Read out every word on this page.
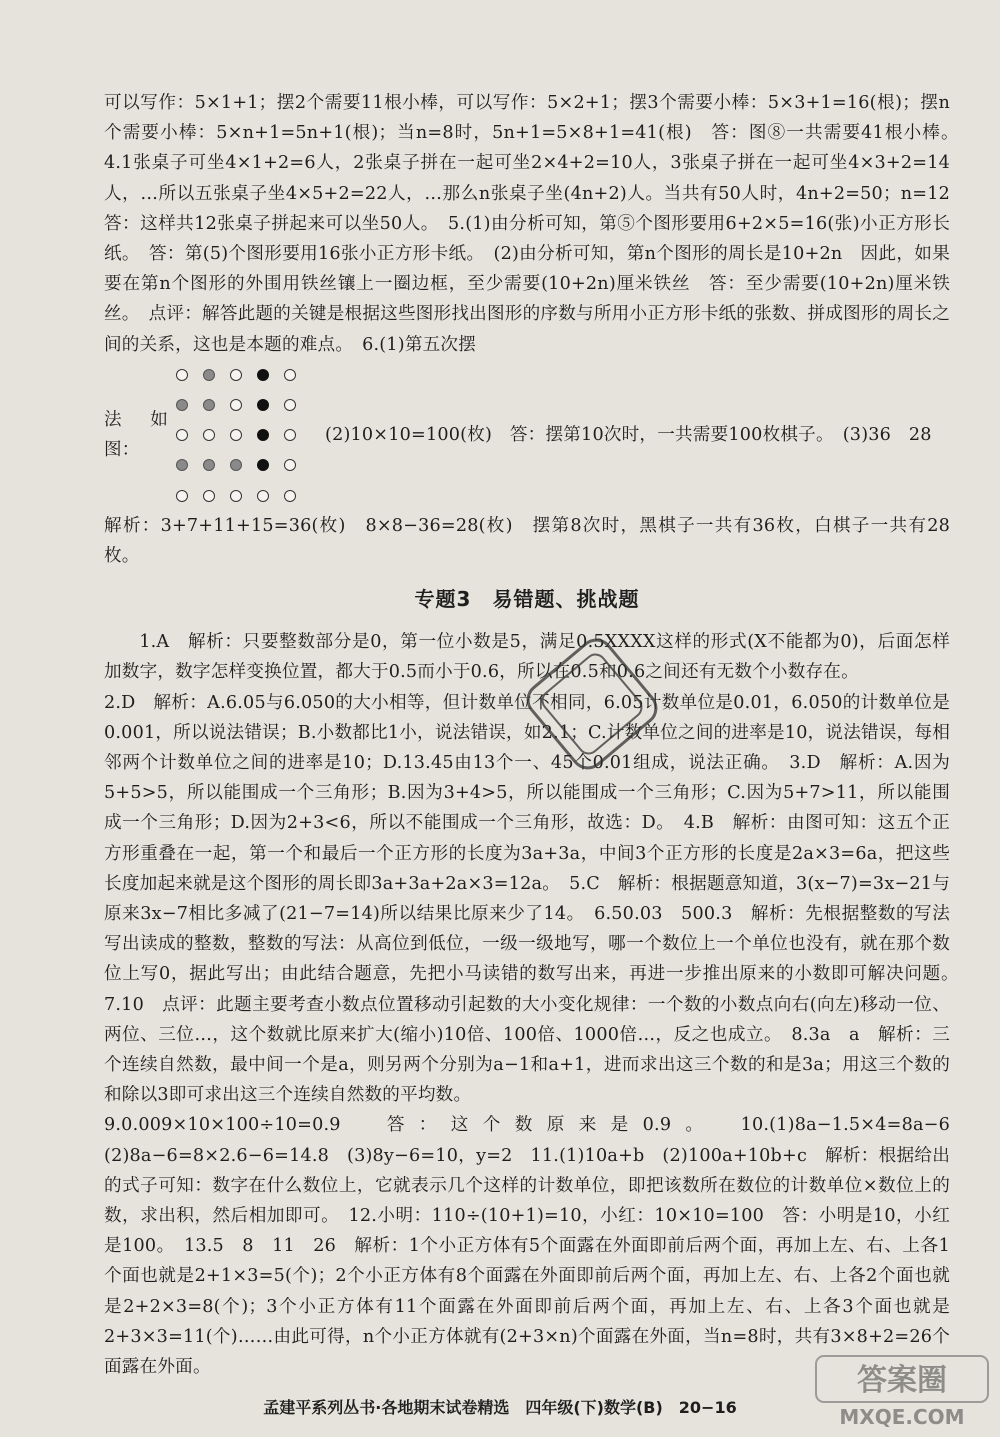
可以写作：5×1+1；摆2个需要11根小棒，可以写作：5×2+1；摆3个需要小棒：5×3+1=16(根)；摆n个需要小棒：5×n+1=5n+1(根)；当n=8时，5n+1=5×8+1=41(根)　答：图⑧一共需要41根小棒。　4.1张桌子可坐4×1+2=6人，2张桌子拼在一起可坐2×4+2=10人，3张桌子拼在一起可坐4×3+2=14人，…所以五张桌子坐4×5+2=22人，…那么n张桌子坐(4n+2)人。当共有50人时，4n+2=50；n=12　答：这样共12张桌子拼起来可以坐50人。　5.(1)由分析可知，第⑤个图形要用6+2×5=16(张)小正方形长纸。　答：第(5)个图形要用16张小正方形卡纸。　(2)由分析可知，第n个图形的周长是10+2n　因此，如果要在第n个图形的外围用铁丝镶上一圈边框，至少需要(10+2n)厘米铁丝　答：至少需要(10+2n)厘米铁丝。　点评：解答此题的关键是根据这些图形找出图形的序数与所用小正方形卡纸的张数、拼成图形的周长之间的关系，这也是本题的难点。　6.(1)第五次摆

法如图：
(2)10×10=100(枚)　答：摆第10次时，一共需要100枚棋子。　(3)36　28

解析：3+7+11+15=36(枚)　8×8−36=28(枚)　摆第8次时，黑棋子一共有36枚，白棋子一共有28枚。

专题3　易错题、挑战题

1.A　解析：只要整数部分是0，第一位小数是5，满足0.5XXXX这样的形式(X不能都为0)，后面怎样加数字，数字怎样变换位置，都大于0.5而小于0.6，所以在0.5和0.6之间还有无数个小数存在。

2.D　解析：A.6.05与6.050的大小相等，但计数单位不相同，6.05计数单位是0.01，6.050的计数单位是0.001，所以说法错误；B.小数都比1小，说法错误，如2.1；C.计数单位之间的进率是10，说法错误，每相邻两个计数单位之间的进率是10；D.13.45由13个一、45个0.01组成，说法正确。　3.D　解析：A.因为5+5>5，所以能围成一个三角形；B.因为3+4>5，所以能围成一个三角形；C.因为5+7>11，所以能围成一个三角形；D.因为2+3<6，所以不能围成一个三角形，故选：D。　4.B　解析：由图可知：这五个正方形重叠在一起，第一个和最后一个正方形的长度为3a+3a，中间3个正方形的长度是2a×3=6a，把这些长度加起来就是这个图形的周长即3a+3a+2a×3=12a。　5.C　解析：根据题意知道，3(x−7)=3x−21与原来3x−7相比多减了(21−7=14)所以结果比原来少了14。　6.50.03　500.3　解析：先根据整数的写法写出读成的整数，整数的写法：从高位到低位，一级一级地写，哪一个数位上一个单位也没有，就在那个数位上写0，据此写出；由此结合题意，先把小马读错的数写出来，再进一步推出原来的小数即可解决问题。　7.10　点评：此题主要考查小数点位置移动引起数的大小变化规律：一个数的小数点向右(向左)移动一位、两位、三位…，这个数就比原来扩大(缩小)10倍、100倍、1000倍…，反之也成立。　8.3a　a　解析：三个连续自然数，最中间一个是a，则另两个分别为a−1和a+1，进而求出这三个数的和是3a；用这三个数的和除以3即可求出这三个连续自然数的平均数。

9.0.009×10×100÷10=0.9　答：这个数原来是0.9。　10.(1)8a−1.5×4=8a−6　(2)8a−6=8×2.6−6=14.8　(3)8y−6=10，y=2　11.(1)10a+b　(2)100a+10b+c　解析：根据给出的式子可知：数字在什么数位上，它就表示几个这样的计数单位，即把该数所在数位的计数单位×数位上的数，求出积，然后相加即可。　12.小明：110÷(10+1)=10，小红：10×10=100　答：小明是10，小红是100。　13.5　8　11　26　解析：1个小正方体有5个面露在外面即前后两个面，再加上左、右、上各1个面也就是2+1×3=5(个)；2个小正方体有8个面露在外面即前后两个面，再加上左、右、上各2个面也就是2+2×3=8(个)；3个小正方体有11个面露在外面即前后两个面，再加上左、右、上各3个面也就是2+3×3=11(个)……由此可得，n个小正方体就有(2+3×n)个面露在外面，当n=8时，共有3×8+2=26个面露在外面。

孟建平系列丛书·各地期末试卷精选　四年级(下)数学(B)　20−16
答案圈
MXQE.COM
